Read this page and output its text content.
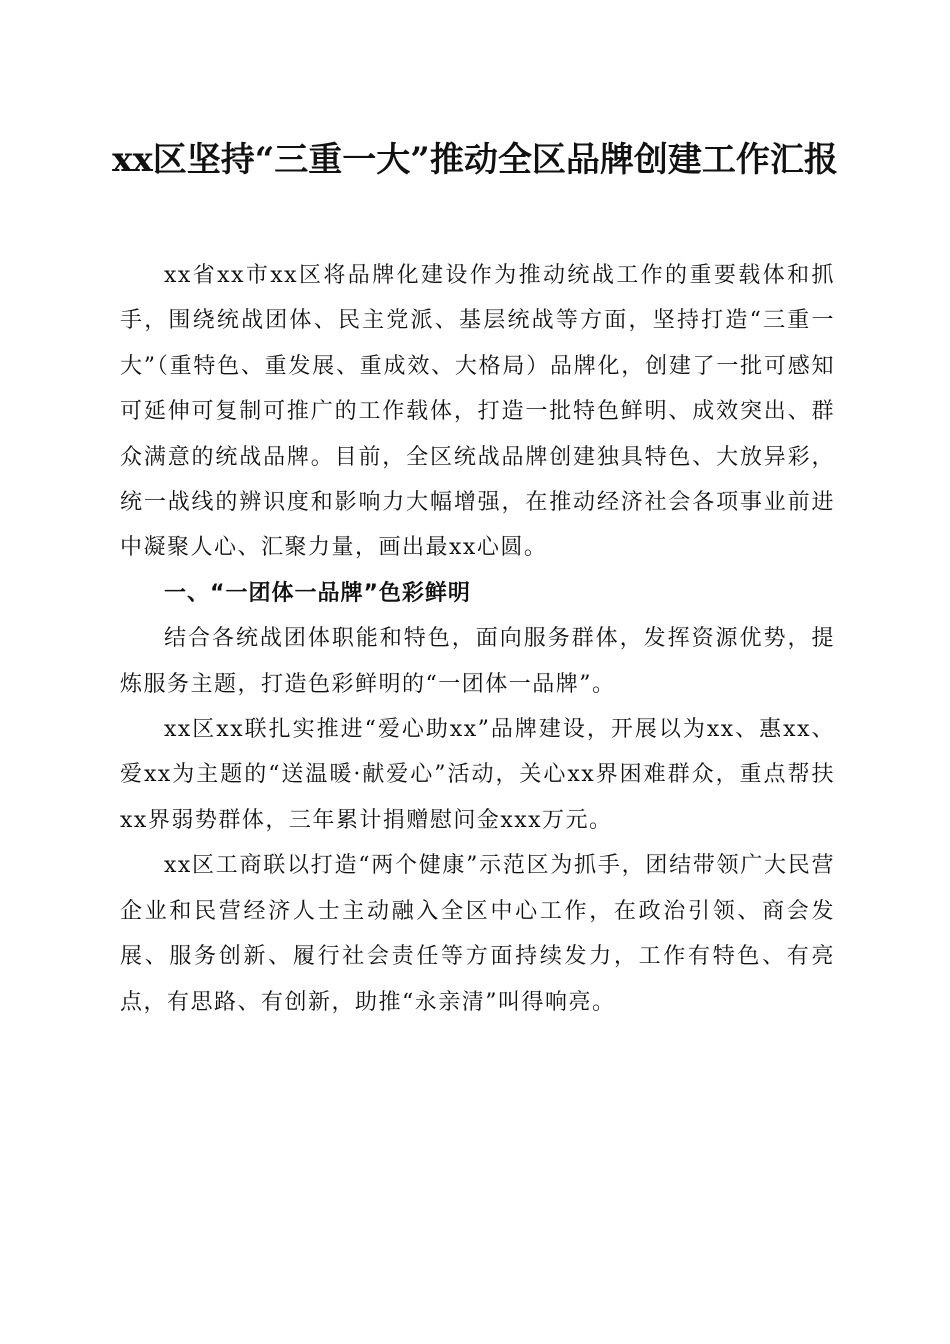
xx区坚持“三重一大”推动全区品牌创建工作汇报

xx省xx市xx区将品牌化建设作为推动统战工作的重要载体和抓手，围绕统战团体、民主党派、基层统战等方面，坚持打造“三重一大”（重特色、重发展、重成效、大格局）品牌化，创建了一批可感知可延伸可复制可推广的工作载体，打造一批特色鲜明、成效突出、群众满意的统战品牌。目前，全区统战品牌创建独具特色、大放异彩，统一战线的辨识度和影响力大幅增强，在推动经济社会各项事业前进中凝聚人心、汇聚力量，画出最xx心圆。

一、“一团体一品牌”色彩鲜明

结合各统战团体职能和特色，面向服务群体，发挥资源优势，提炼服务主题，打造色彩鲜明的“一团体一品牌”。

xx区xx联扎实推进“爱心助xx”品牌建设，开展以为xx、惠xx、爱xx为主题的“送温暖·献爱心”活动，关心xx界困难群众，重点帮扶xx界弱势群体，三年累计捐赠慰问金xxx万元。

xx区工商联以打造“两个健康”示范区为抓手，团结带领广大民营企业和民营经济人士主动融入全区中心工作，在政治引领、商会发展、服务创新、履行社会责任等方面持续发力，工作有特色、有亮点，有思路、有创新，助推“永亲清”叫得响亮。
